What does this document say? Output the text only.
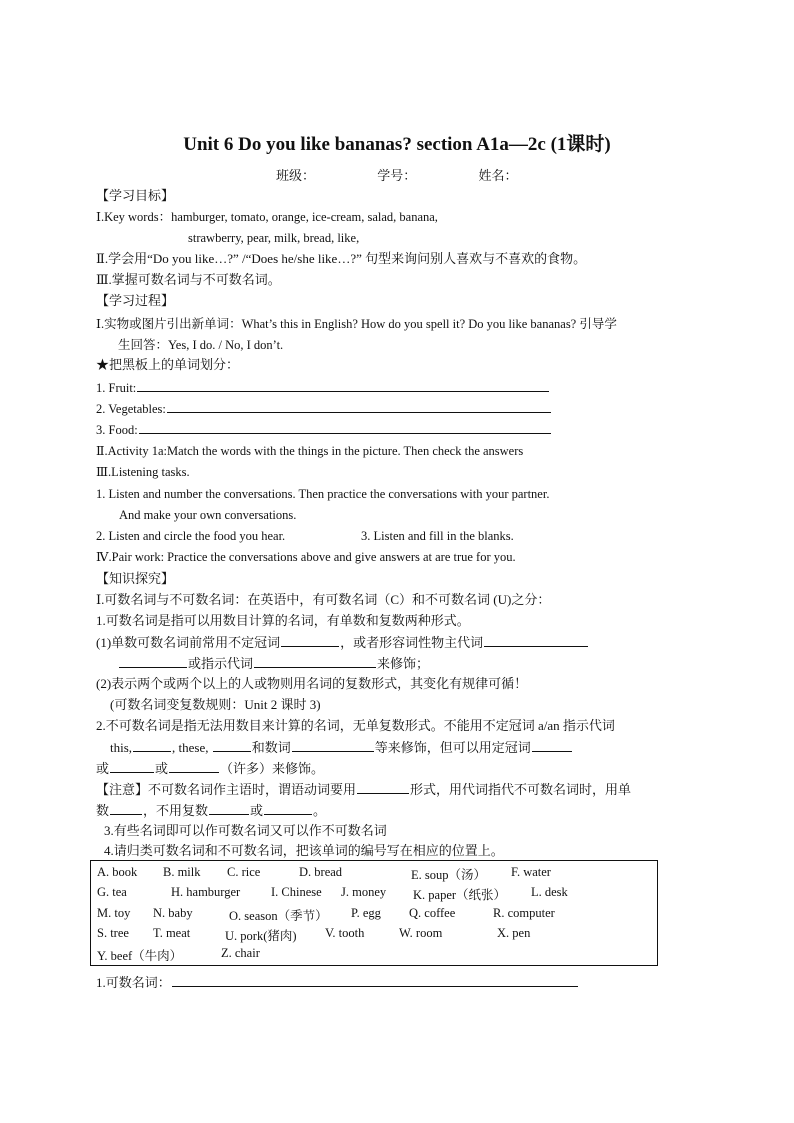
Unit 6 Do you like bananas? section A1a—2c (1课时)
班级：	学号：	姓名：
【学习目标】
Ⅰ.Key words：hamburger, tomato, orange, ice-cream, salad, banana,
strawberry, pear, milk, bread, like,
Ⅱ.学会用“Do you like…?” /“Does he/she like…?” 句型来询问别人喜欢与不喜欢的食物。
Ⅲ.掌握可数名词与不可数名词。
【学习过程】
Ⅰ.实物或图片引出新单词：What’s this in English? How do you spell it? Do you like bananas? 引导学
生回答：Yes, I do. / No, I don’t.
★把黑板上的单词划分：
1. Fruit:
2. Vegetables:
3. Food:
Ⅱ.Activity 1a:Match the words with the things in the picture. Then check the answers
Ⅲ.Listening tasks.
1. Listen and number the conversations. Then practice the conversations with your partner.
And make your own conversations.
2. Listen and circle the food you hear.	3. Listen and fill in the blanks.
Ⅳ.Pair work: Practice the conversations above and give answers at are true for you.
【知识探究】
Ⅰ.可数名词与不可数名词：在英语中，有可数名词（C）和不可数名词 (U)之分：
1.可数名词是指可以用数目计算的名词，有单数和复数两种形式。
(1)单数可数名词前常用不定冠词	，或者形容词性物主代词
或指示代词	来修饰；
(2)表示两个或两个以上的人或物则用名词的复数形式，其变化有规律可循！
(可数名词变复数规则：Unit 2 课时 3)
2.不可数名词是指无法用数目来计算的名词，无单复数形式。不能用不定冠词 a/an 指示代词
this,	, these,	和数词	等来修饰，但可以用定冠词
或	或	（许多）来修饰。
【注意】不可数名词作主语时，谓语动词要用	形式，用代词指代不可数名词时，用单
数	，不用复数	或	。
3.有些名词即可以作可数名词又可以作不可数名词
4.请归类可数名词和不可数名词，把该单词的编号写在相应的位置上。
A. book B. milk C. rice	D. bread	E. soup（汤） F. water
G. tea	H. hamburger I. Chinese J. money K. paper（纸张） L. desk
M. toy N. baby	O. season（季节） P. egg Q. coffee	R. computer
S. tree T. meat	U. pork(猪肉) V. tooth	W. room	X. pen
Y. beef（牛肉）	Z. chair
1.可数名词：
